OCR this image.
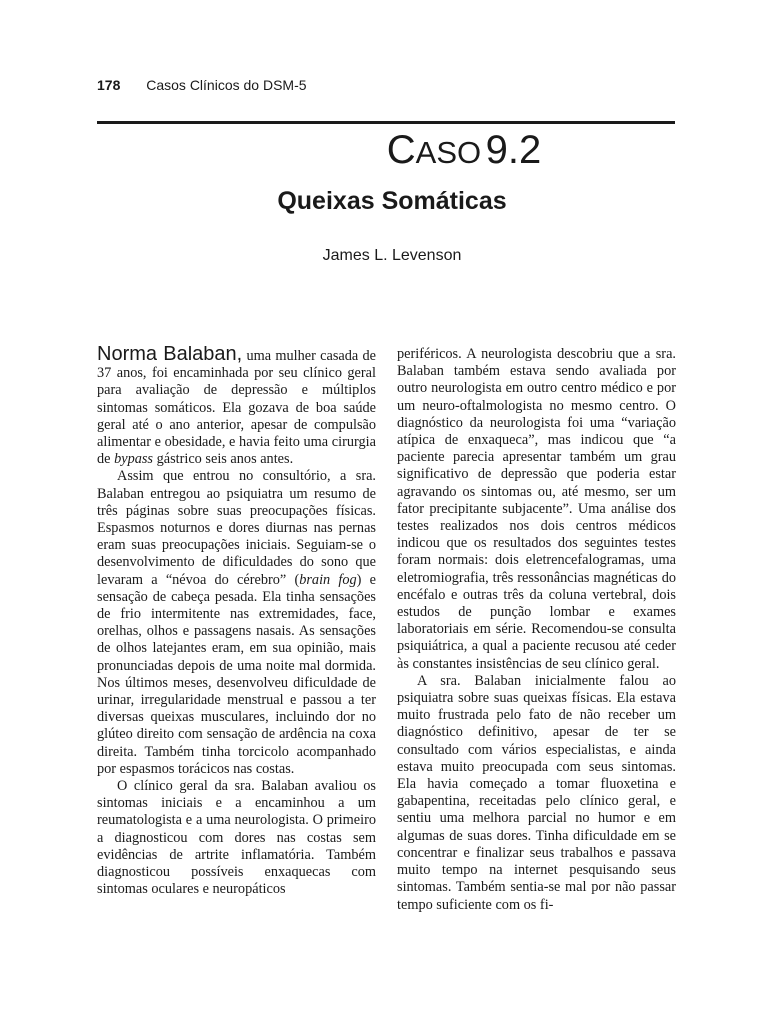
178 Casos Clínicos do DSM-5
CASO 9.2
Queixas Somáticas
James L. Levenson

Norma Balaban, uma mulher casada de 37 anos, foi encaminhada por seu clínico geral para avaliação de depressão e múltiplos sintomas somáticos. Ela gozava de boa saúde geral até o ano anterior, apesar de compulsão alimentar e obesidade, e havia feito uma cirurgia de bypass gástrico seis anos antes.

Assim que entrou no consultório, a sra. Balaban entregou ao psiquiatra um resumo de três páginas sobre suas preocupações físicas. Espasmos noturnos e dores diurnas nas pernas eram suas preocupações iniciais. Seguiam-se o desenvolvimento de dificuldades do sono que levaram a “névoa do cérebro” (brain fog) e sensação de cabeça pesada. Ela tinha sensações de frio intermitente nas extremidades, face, orelhas, olhos e passagens nasais. As sensações de olhos latejantes eram, em sua opinião, mais pronunciadas depois de uma noite mal dormida. Nos últimos meses, desenvolveu dificuldade de urinar, irregularidade menstrual e passou a ter diversas queixas musculares, incluindo dor no glúteo direito com sensação de ardência na coxa direita. Também tinha torcicolo acompanhado por espasmos torácicos nas costas.

O clínico geral da sra. Balaban avaliou os sintomas iniciais e a encaminhou a um reumatologista e a uma neurologista. O primeiro a diagnosticou com dores nas costas sem evidências de artrite inflamatória. Também diagnosticou possíveis enxaquecas com sintomas oculares e neuropáticos

periféricos. A neurologista descobriu que a sra. Balaban também estava sendo avaliada por outro neurologista em outro centro médico e por um neuro-oftalmologista no mesmo centro. O diagnóstico da neurologista foi uma “variação atípica de enxaqueca”, mas indicou que “a paciente parecia apresentar também um grau significativo de depressão que poderia estar agravando os sintomas ou, até mesmo, ser um fator precipitante subjacente”. Uma análise dos testes realizados nos dois centros médicos indicou que os resultados dos seguintes testes foram normais: dois eletrencefalogramas, uma eletromiografia, três ressonâncias magnéticas do encéfalo e outras três da coluna vertebral, dois estudos de punção lombar e exames laboratoriais em série. Recomendou-se consulta psiquiátrica, a qual a paciente recusou até ceder às constantes insistências de seu clínico geral.

A sra. Balaban inicialmente falou ao psiquiatra sobre suas queixas físicas. Ela estava muito frustrada pelo fato de não receber um diagnóstico definitivo, apesar de ter se consultado com vários especialistas, e ainda estava muito preocupada com seus sintomas. Ela havia começado a tomar fluoxetina e gabapentina, receitadas pelo clínico geral, e sentiu uma melhora parcial no humor e em algumas de suas dores. Tinha dificuldade em se concentrar e finalizar seus trabalhos e passava muito tempo na internet pesquisando seus sintomas. Também sentia-se mal por não passar tempo suficiente com os fi-
